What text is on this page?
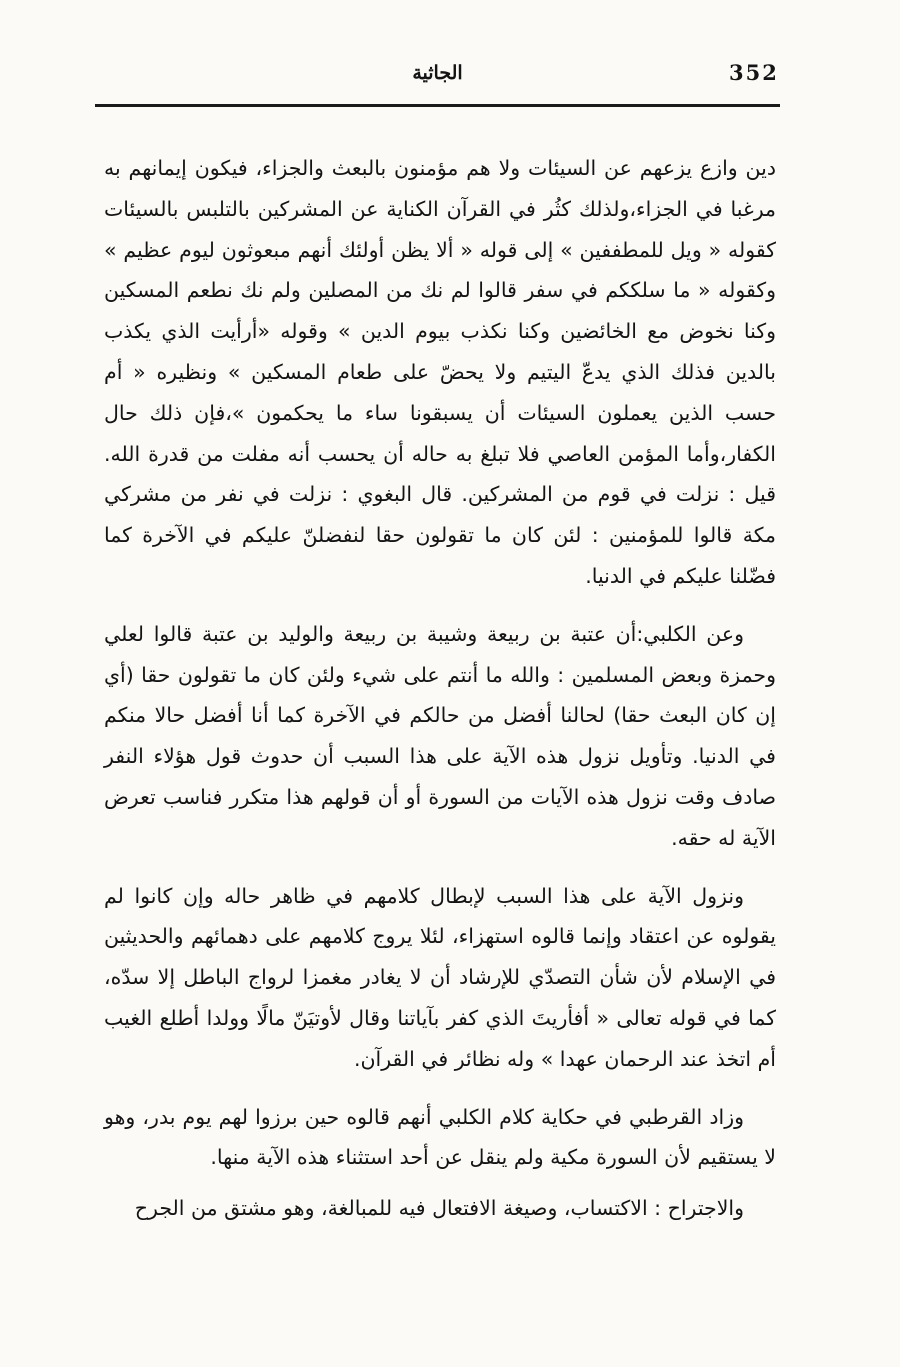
الجاثية	352

دين وازع يزعهم عن السيئات ولا هم مؤمنون بالبعث والجزاء، فيكون إيمانهم به مرغبا في الجزاء،ولذلك كثُر في القرآن الكناية عن المشركين بالتلبس بالسيئات كقوله « ويل للمطففين » إلى قوله « ألا يظن أولئك أنهم مبعوثون ليوم عظيم » وكقوله « ما سلككم في سفر قالوا لم نك من المصلين ولم نك نطعم المسكين وكنا نخوض مع الخائضين وكنا نكذب بيوم الدين » وقوله «أرأيت الذي يكذب بالدين فذلك الذي يدعّ اليتيم ولا يحضّ على طعام المسكين » ونظيره « أم حسب الذين يعملون السيئات أن يسبقونا ساء ما يحكمون »،فإن ذلك حال الكفار،وأما المؤمن العاصي فلا تبلغ به حاله أن يحسب أنه مفلت من قدرة الله. قيل : نزلت في قوم من المشركين. قال البغوي : نزلت في نفر من مشركي مكة قالوا للمؤمنين : لئن كان ما تقولون حقا لنفضلنّ عليكم في الآخرة كما فضّلنا عليكم في الدنيا.

وعن الكلبي:أن عتبة بن ربيعة وشيبة بن ربيعة والوليد بن عتبة قالوا لعلي وحمزة وبعض المسلمين : والله ما أنتم على شيء ولئن كان ما تقولون حقا (أي إن كان البعث حقا) لحالنا أفضل من حالكم في الآخرة كما أنا أفضل حالا منكم في الدنيا. وتأويل نزول هذه الآية على هذا السبب أن حدوث قول هؤلاء النفر صادف وقت نزول هذه الآيات من السورة أو أن قولهم هذا متكرر فناسب تعرض الآية له حقه.

ونزول الآية على هذا السبب لإبطال كلامهم في ظاهر حاله وإن كانوا لم يقولوه عن اعتقاد وإنما قالوه استهزاء، لئلا يروج كلامهم على دهمائهم والحديثين في الإسلام لأن شأن التصدّي للإرشاد أن لا يغادر مغمزا لرواج الباطل إلا سدّه، كما في قوله تعالى « أفأريتَ الذي كفر بآياتنا وقال لأوتيَنّ مالًا وولدا أطلع الغيب أم اتخذ عند الرحمان عهدا » وله نظائر في القرآن.

وزاد القرطبي في حكاية كلام الكلبي أنهم قالوه حين برزوا لهم يوم بدر، وهو لا يستقيم لأن السورة مكية ولم ينقل عن أحد استثناء هذه الآية منها.

والاجتراح : الاكتساب، وصيغة الافتعال فيه للمبالغة، وهو مشتق من الجرح
